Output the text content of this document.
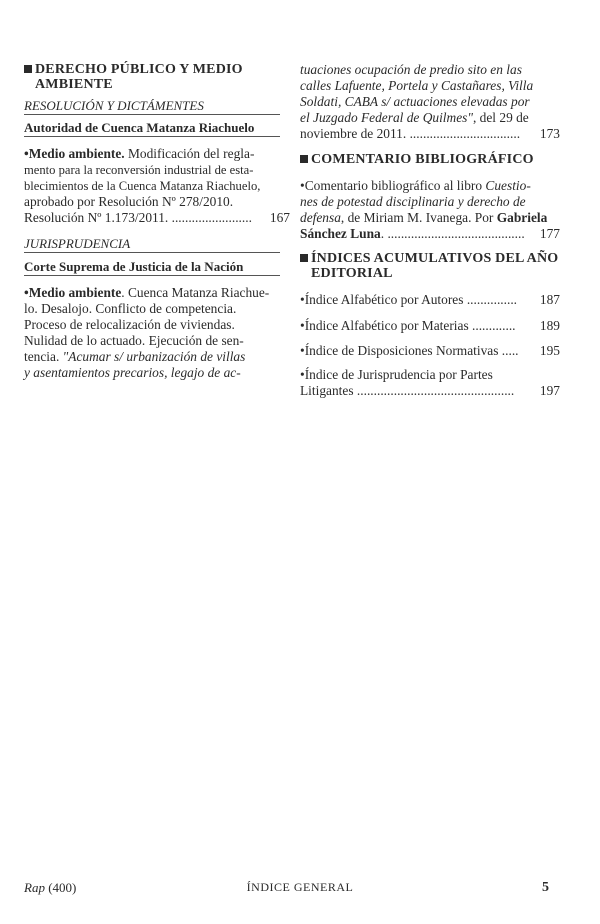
DERECHO PÚBLICO Y MEDIO
AMBIENTE
RESOLUCIÓN Y DICTÁMENTES
Autoridad de Cuenca Matanza Riachuelo
•Medio ambiente. Modificación del regla-
mento para la reconversión industrial de esta-
blecimientos de la Cuenca Matanza Riachuelo,
aprobado por Resolución Nº 278/2010.
Resolución Nº 1.173/2011. ........................ 167
JURISPRUDENCIA
Corte Suprema de Justicia de la Nación
•Medio ambiente. Cuenca Matanza Riachue-
lo. Desalojo. Conflicto de competencia.
Proceso de relocalización de viviendas.
Nulidad de lo actuado. Ejecución de sen-
tencia. "Acumar s/ urbanización de villas
y asentamientos precarios, legajo de ac-
tuaciones ocupación de predio sito en las
calles Lafuente, Portela y Castañares, Villa
Soldati, CABA s/ actuaciones elevadas por
el Juzgado Federal de Quilmes", del 29 de
noviembre de 2011. ................................. 173
COMENTARIO BIBLIOGRÁFICO
•Comentario bibliográfico al libro Cuestio-
nes de potestad disciplinaria y derecho de
defensa, de Miriam M. Ivanega. Por Gabriela
Sánchez Luna. ......................................... 177
ÍNDICES ACUMULATIVOS DEL AÑO
EDITORIAL
•Índice Alfabético por Autores ............... 187
•Índice Alfabético por Materias ............. 189
•Índice de Disposiciones Normativas ..... 195
•Índice de Jurisprudencia por Partes
Litigantes ............................................... 197
Rap (400)	ÍNDICE GENERAL	5
